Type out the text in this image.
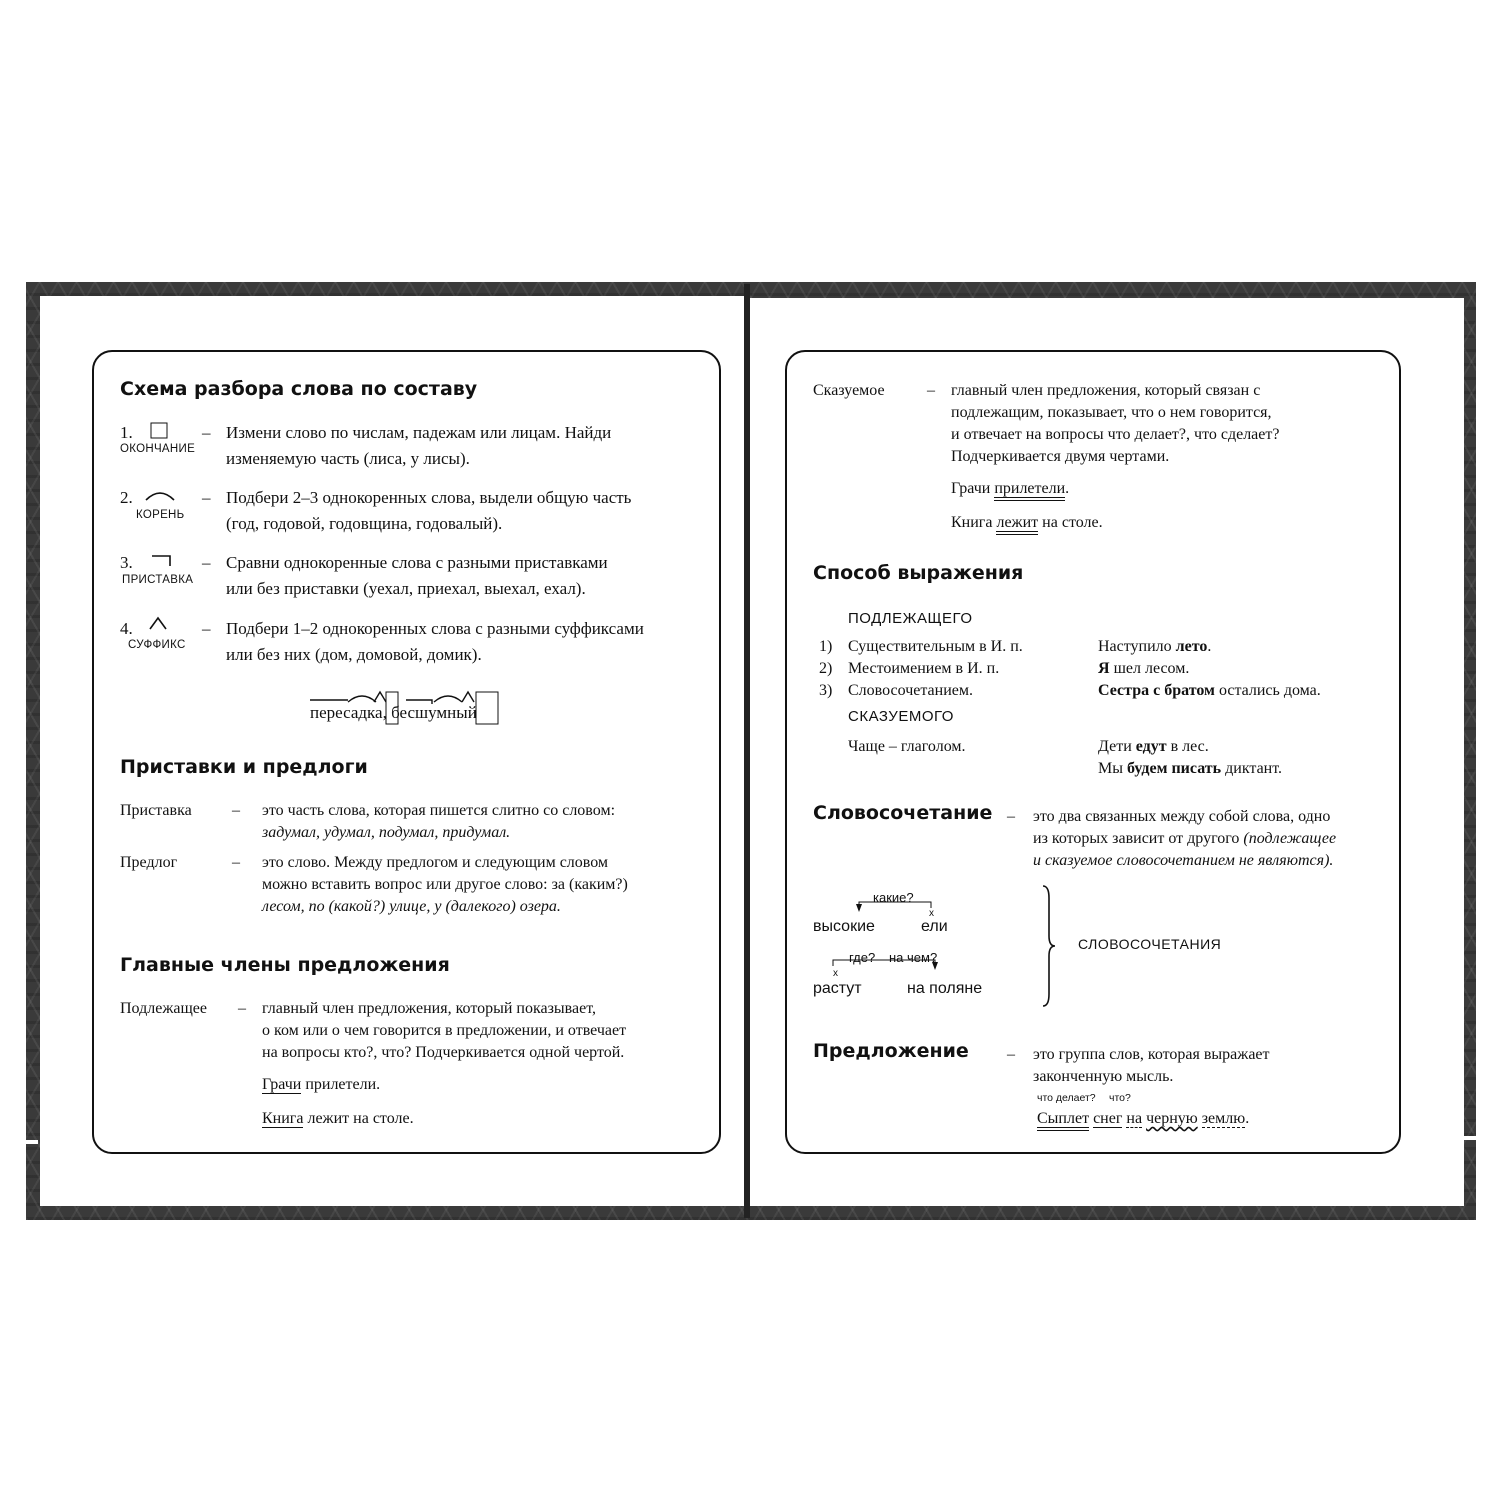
Схема разбора слова по составу
1.
ОКОНЧАНИЕ
– Измени слово по числам, падежам или лицам. Найди
изменяемую часть (лиса, у лисы).
2.
КОРЕНЬ
– Подбери 2–3 однокоренных слова, выдели общую часть
(год, годовой, годовщина, годовалый).
3.
ПРИСТАВКА
– Сравни однокоренные слова с разными приставками
или без приставки (уехал, приехал, выехал, ехал).
4.
СУФФИКС
– Подбери 1–2 однокоренных слова с разными суффиксами
или без них (дом, домовой, домик).
пересадка, бесшумный
Приставки и предлоги
Приставка	– это часть слова, которая пишется слитно со словом:
задумал, удумал, подумал, придумал.
Предлог	– это слово. Между предлогом и следующим словом
можно вставить вопрос или другое слово: за (каким?)
лесом, по (какой?) улице, у (далекого) озера.
Главные члены предложения
Подлежащее – главный член предложения, который показывает,
о ком или о чем говорится в предложении, и отвечает
на вопросы кто?, что? Подчеркивается одной чертой.
Грачи прилетели.
Книга лежит на столе.
Сказуемое	– главный член предложения, который связан с
подлежащим, показывает, что о нем говорится,
и отвечает на вопросы что делает?, что сделает?
Подчеркивается двумя чертами.
Грачи прилетели.
Книга лежит на столе.
Способ выражения
ПОДЛЕЖАЩЕГО
1) Существительным в И. п.	Наступило лето.
2) Местоимением в И. п.	Я шел лесом.
3) Словосочетанием.	Сестра с братом остались дома.
СКАЗУЕМОГО
Чаще – глаголом.	Дети едут в лес.
Мы будем писать диктант.
Словосочетание – это два связанных между собой слова, одно
из которых зависит от другого (подлежащее
и сказуемое словосочетанием не являются).
какие?
х
высокие	ели
где? на чем?
х
растут	на поляне
СЛОВОСОЧЕТАНИЯ
Предложение – это группа слов, которая выражает
законченную мысль.
что делает? что?
Сыплет снег на черную землю.
